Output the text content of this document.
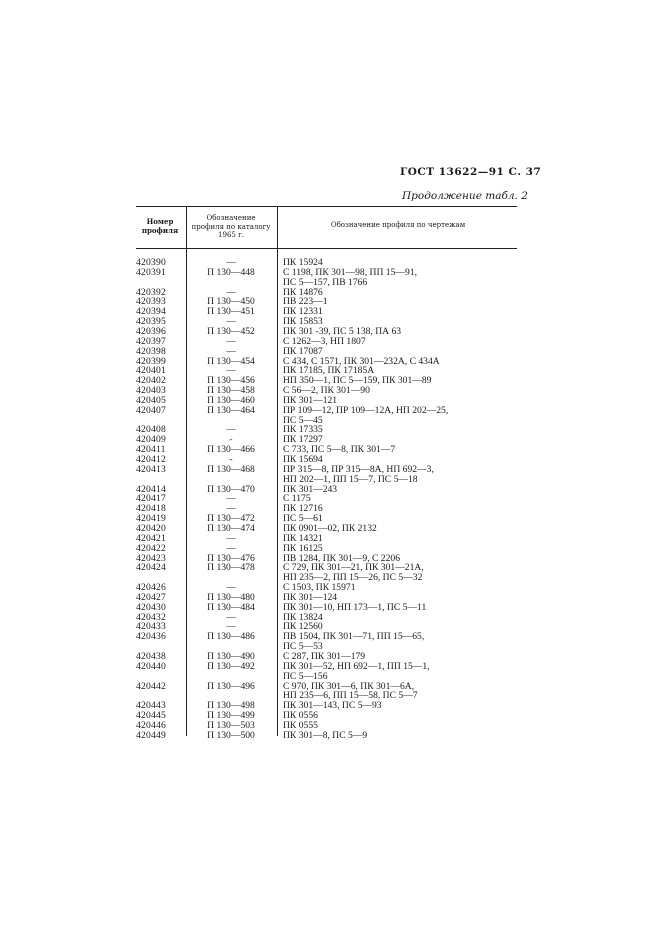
ГОСТ 13622—91 С. 37
Продолжение табл. 2
Номер профиля
Обозначение профиля по каталогу 1965 г.
Обозначение профиля по чертежам
420390	—	ПК 15924
420391	П 130—448	С 1198, ПК 301—98, ПП 15—91,
ПС 5—157, ПВ 1766
420392	—	ПК 14876
420393	П 130—450	ПВ 223—1
420394	П 130—451	ПК 12331
420395	—	ПК 15853
420396	П 130—452	ПК 301 -39, ПС 5 138, ПА 63
420397	—	С 1262—3, НП 1807
420398	—	ПК 17087
420399	П 130—454	С 434, С 1571, ПК 301—232А, С 434А
420401	—	ПК 17185, ПК 17185А
420402	П 130—456	НП 350—1, ПС 5—159, ПК 301—89
420403	П 130—458	С 56—2, ПК 301—90
420405	П 130—460	ПК 301—121
420407	П 130—464	ПР 109—12, ПР 109—12А, НП 202—25,
ПС 5—45
420408	—	ПК 17335
420409	-	ПК 17297
420411	П 130—466	С 733, ПС 5—8, ПК 301—7
420412	-	ПК 15694
420413	П 130—468	ПР 315—8, ПР 315—8А, НП 692—3,
НП 202—1, ПП 15—7, ПС 5—18
420414	П 130—470	ПК 301—243
420417	—	С 1175
420418	—	ПК 12716
420419	П 130—472	ПС 5—61
420420	П 130—474	ПК 0901—02, ПК 2132
420421	—	ПК 14321
420422	—	ПК 16125
420423	П 130—476	ПВ 1284, ПК 301—9, С 2206
420424	П 130—478	С 729, ПК 301—21, ПК 301—21А,
НП 235—2, ПП 15—26, ПС 5—32
420426	—	С 1503, ПК 15971
420427	П 130—480	ПК 301—124
420430	П 130—484	ПК 301—10, НП 173—1, ПС 5—11
420432	—	ПК 13824
420433	—	ПК 12560
420436	П 130—486	ПВ 1504, ПК 301—71, ПП 15—65,
ПС 5—53
420438	П 130—490	С 287, ПК 301—179
420440	П 130—492	ПК 301—52, НП 692—1, ПП 15—1,
ПС 5—156
420442	П 130—496	С 970, ПК 301—6, ПК 301—6А,
НП 235—6, ПП 15—58, ПС 5—7
420443	П 130—498	ПК 301—143, ПС 5—93
420445	П 130—499	ПК 0556
420446	П 130—503	ПК 0555
420449	П 130—500	ПК 301—8, ПС 5—9
